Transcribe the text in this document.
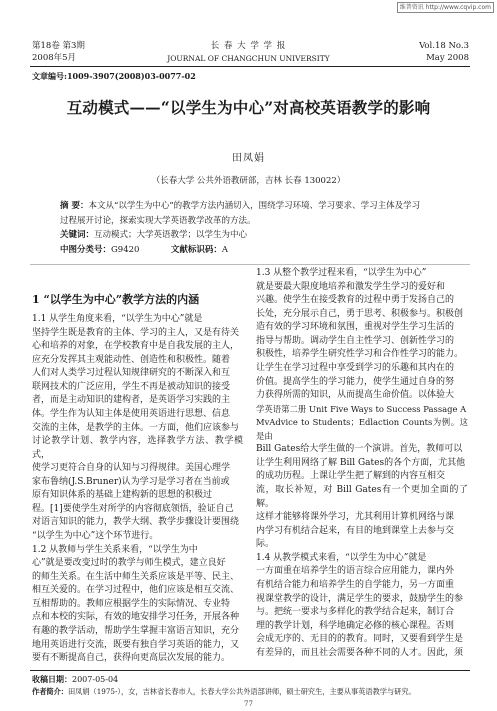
维普资讯 http://www.cqvip.com
第18卷 第3期
2008年5月
长 春 大 学 学 报
JOURNAL OF CHANGCHUN UNIVERSITY
Vol.18 No.3
May 2008
文章编号:1009-3907(2008)03-0077-02
互动模式——“以学生为中心”对高校英语教学的影响
田凤娟
（长春大学 公共外语教研部，吉林 长春 130022）
摘 要：本文从“以学生为中心”的教学方法内涵切入，围绕学习环境、学习要求、学习主体及学习
过程展开讨论，探索实现大学英语教学改革的方法。
关键词：互动模式；大学英语教学；以学生为中心
中图分类号：G9420	文献标识码：A
1 “以学生为中心”教学方法的内涵

1.1 从学生角度来看，“以学生为中心”就是

坚持学生既是教育的主体、学习的主人，又是有待关

心和培养的对象，在学校教育中是自我发展的主人，

应充分发挥其主观能动性、创造性和积极性。随着

人们对人类学习过程认知规律研究的不断深入和互

联网技术的广泛应用，学生不再是被动知识的接受

者，而是主动知识的建构者，是英语学习实践的主

体。学生作为认知主体是使用英语进行思想、信息

交流的主体，是教学的主体。一方面，他们应该参与

讨论教学计划、教学内容，选择教学方法、教学模式，

使学习更符合自身的认知与习得规律。美国心理学

家布鲁纳(J.S.Bruner)认为学习是学习者在当前或

原有知识体系的基础上建构新的思想的积极过

程。[1]要使学生对所学的内容彻底领悟，验证自己

对语言知识的能力，教学大纲、教学步骤设计要围绕

“以学生为中心”这个环节进行。

1.2 从教师与学生关系来看，“以学生为中

心”就是要改变过时的教学与师生模式，建立良好

的师生关系。在生活中师生关系应该是平等、民主、

相互关爱的。在学习过程中，他们应该是相互交流、

互相帮助的。教师应根据学生的实际情况、专业特

点和本校的实际，有效的地安排学习任务，开展各种

有趣的教学活动，帮助学生掌握丰富语言知识，充分

地用英语进行交流，既要有独自学习英语的能力，又

要有不断提高自己，获得向更高层次发展的能力。

1.3 从整个教学过程来看，“以学生为中心”

就是要最大限度地培养和激发学生学习的爱好和

兴趣。使学生在接受教育的过程中勇于发扬自己的

长处，充分展示自己，勇于思考、积极参与。积极创

造有效的学习环境和氛围，重视对学生学习生活的

指导与帮助。调动学生自主性学习、创新性学习的

积极性，培养学生研究性学习和合作性学习的能力。

让学生在学习过程中享受到学习的乐趣和其内在的

价值。提高学生的学习能力，使学生通过自身的努

力获得所需的知识，从而提高生命价值。以体验大

学英语第二册 Unit Five Ways to Success Passage A

MvAdvice to Students；Edlaction Counts为例。这是由

Bill Gates给大学生做的一个演讲。首先，教师可以

让学生利用网络了解 Bill Gates的各个方面，尤其他

的成功历程。上课让学生把了解到的内容互相交

流，取长补短，对 Bill Gates有一个更加全面的了解。

这样才能够将课外学习，尤其利用计算机网络与课

内学习有机结合起来，有目的地到课堂上去参与交

际。

1.4 从教学模式来看，“以学生为中心”就是

一方面重在培养学生的语言综合应用能力，课内外

有机结合能力和培养学生的自学能力，另一方面重

视课堂教学的设计，满足学生的要求，鼓励学生的参

与。把统一要求与多样化的教学结合起来，制订合

理的教学计划，科学地确定必修的核心课程。否则

会成无序的、无目的的教育。同时，又要看到学生是

有差异的，而且社会需要各种不同的人才。因此，须

收稿日期：2007-05-04
作者简介：田凤娟（1975-），女，吉林省长春市人，长春大学公共外语部讲师，硕士研究生，主要从事英语教学与研究。
77
